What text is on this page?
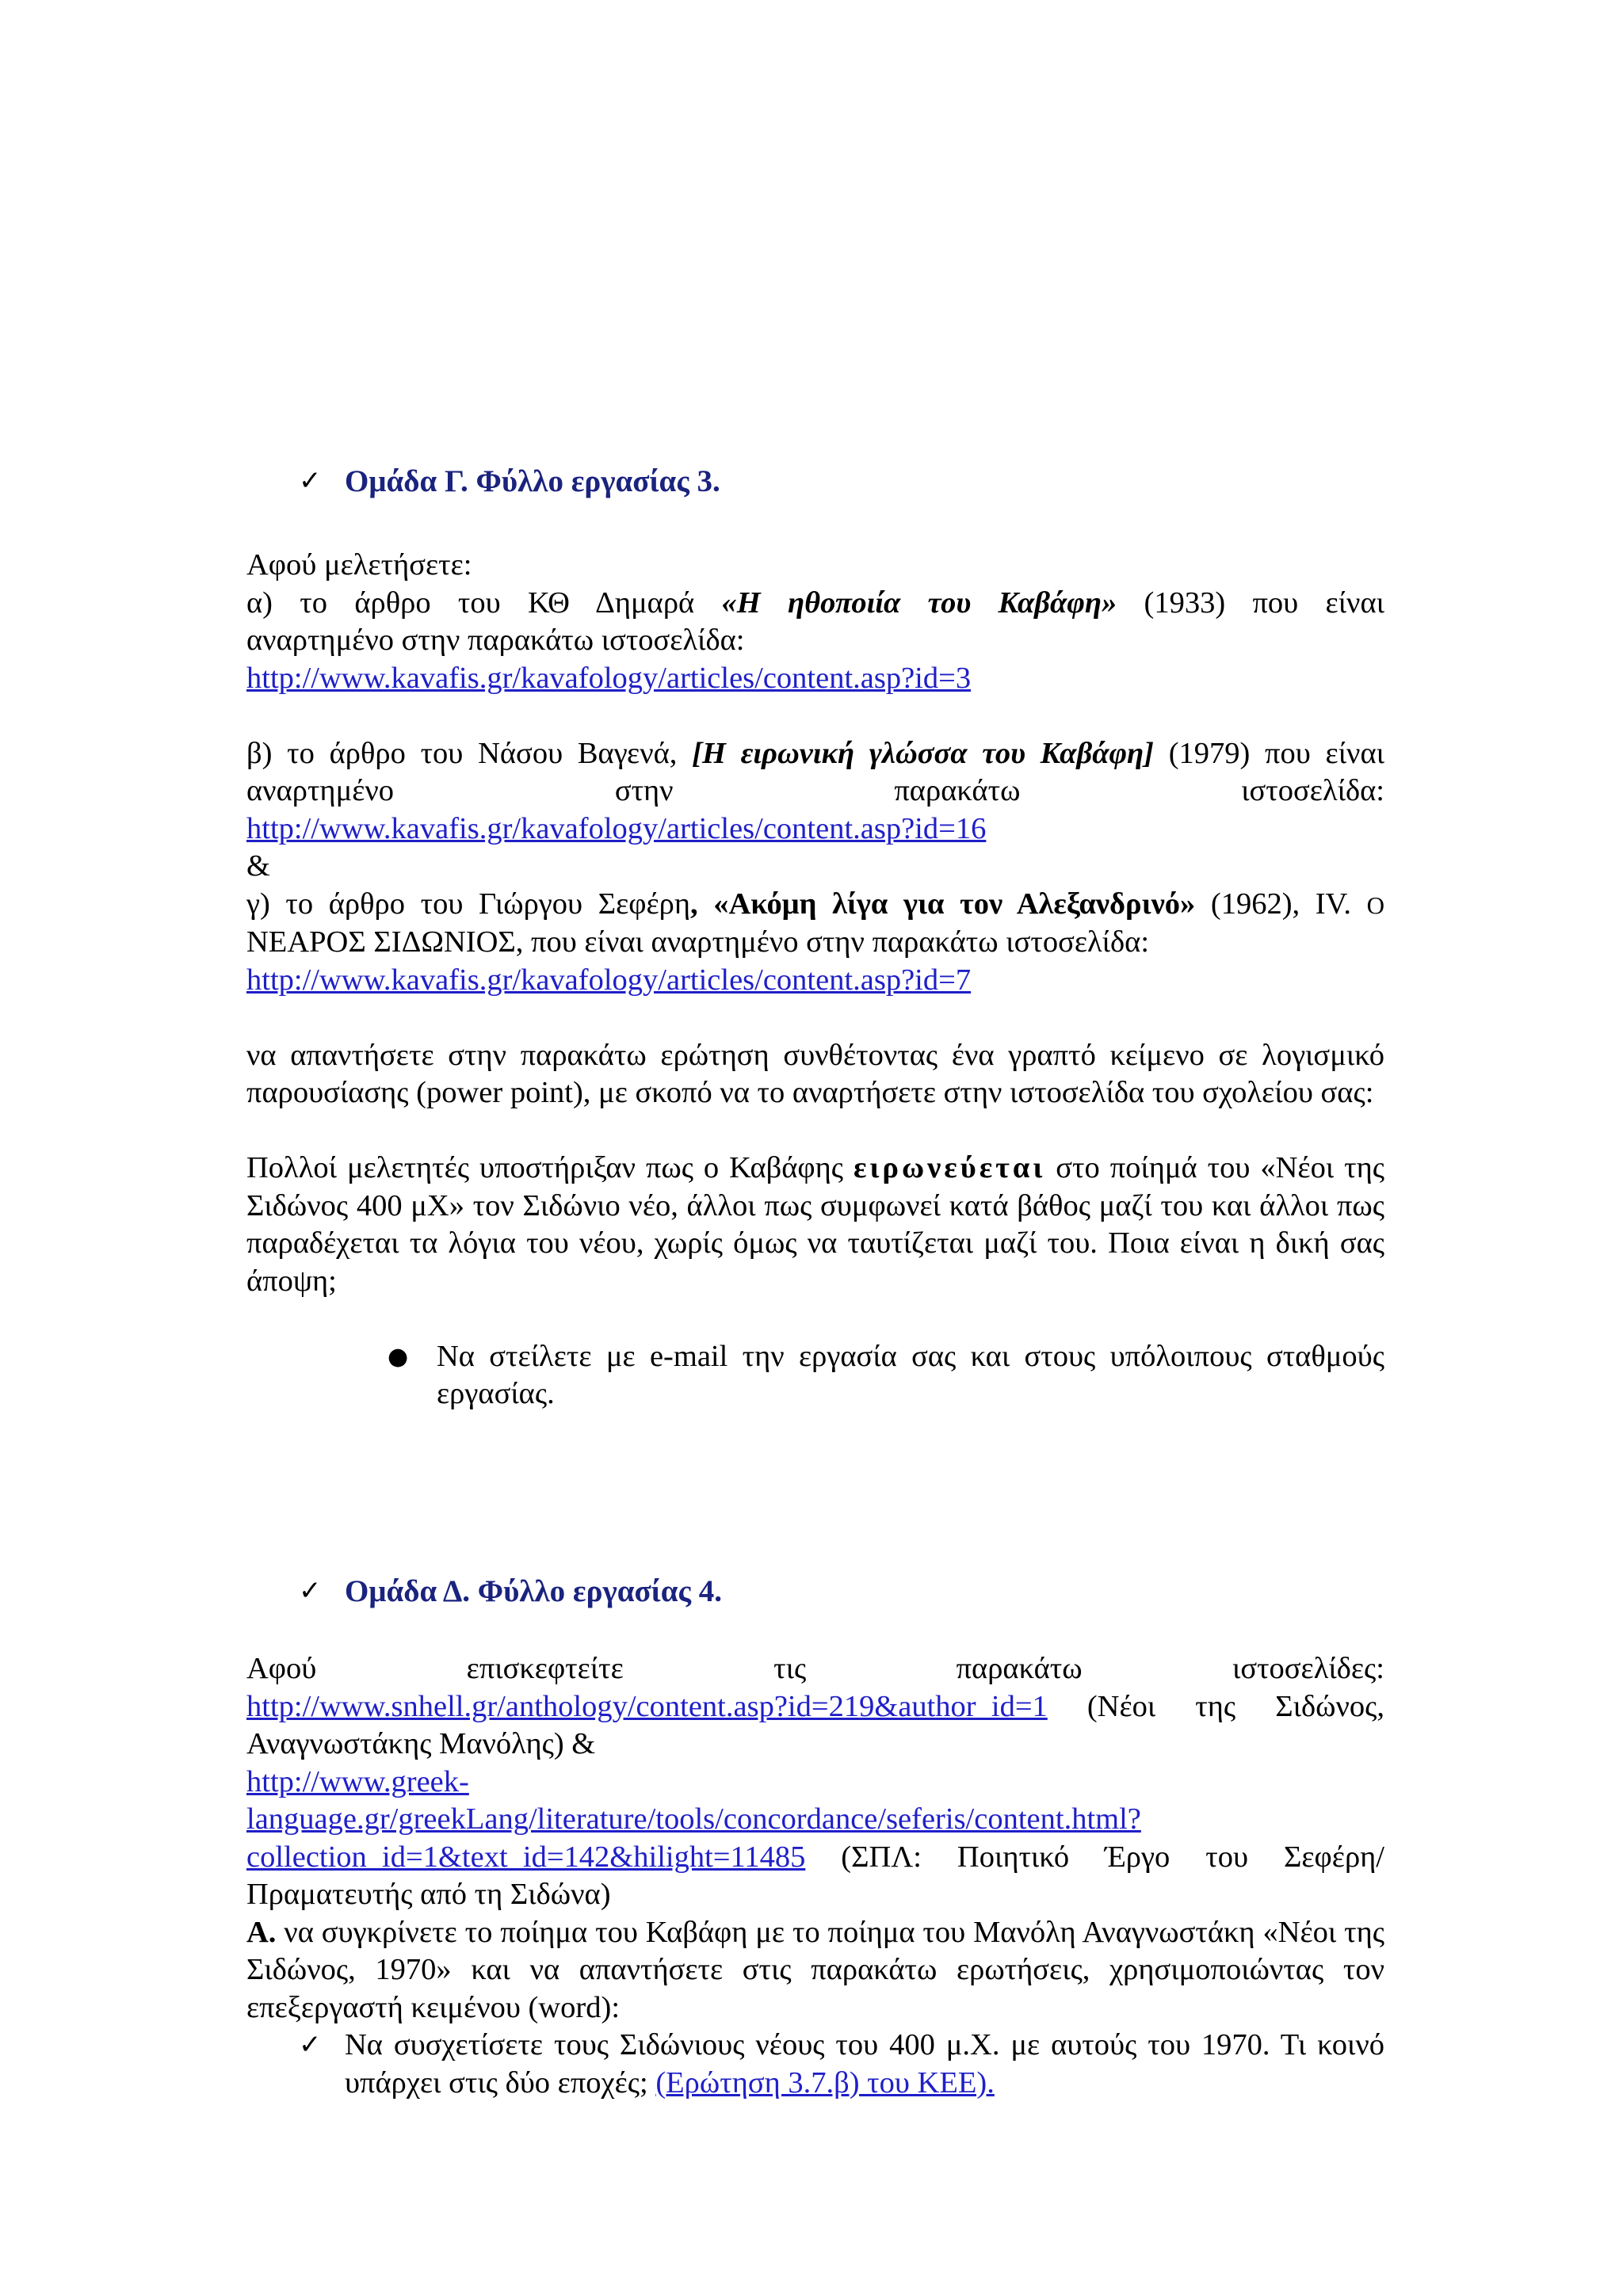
✓ Ομάδα Γ. Φύλλο εργασίας 3.

Αφού μελετήσετε:

α) το άρθρο του ΚΘ Δημαρά «Η ηθοποιία του Καβάφη» (1933) που είναι

αναρτημένο στην παρακάτω ιστοσελίδα:

http://www.kavafis.gr/kavafology/articles/content.asp?id=3

β) το άρθρο του Νάσου Βαγενά, [Η ειρωνική γλώσσα του Καβάφη] (1979) που είναι

αναρτημένο στην παρακάτω ιστοσελίδα:

http://www.kavafis.gr/kavafology/articles/content.asp?id=16

&

γ) το άρθρο του Γιώργου Σεφέρη, «Ακόμη λίγα για τον Αλεξανδρινό» (1962), IV. Ο

ΝΕΑΡΟΣ ΣΙΔΩΝΙΟΣ, που είναι αναρτημένο στην παρακάτω ιστοσελίδα:

http://www.kavafis.gr/kavafology/articles/content.asp?id=7

να απαντήσετε στην παρακάτω ερώτηση συνθέτοντας ένα γραπτό κείμενο σε λογισμικό παρουσίασης (power point), με σκοπό να το αναρτήσετε στην ιστοσελίδα του σχολείου σας:

Πολλοί μελετητές υποστήριξαν πως ο Καβάφης ειρωνεύεται στο ποίημά του «Νέοι της Σιδώνος 400 μΧ» τον Σιδώνιο νέο, άλλοι πως συμφωνεί κατά βάθος μαζί του και άλλοι πως παραδέχεται τα λόγια του νέου, χωρίς όμως να ταυτίζεται μαζί του. Ποια είναι η δική σας άποψη;

● Να στείλετε με e-mail την εργασία σας και στους υπόλοιπους σταθμούς εργασίας.

✓ Ομάδα Δ. Φύλλο εργασίας 4.

Αφού επισκεφτείτε τις παρακάτω ιστοσελίδες:

http://www.snhell.gr/anthology/content.asp?id=219&author_id=1 (Νέοι της Σιδώνος, Αναγνωστάκης Μανόλης) &

http://www.greek-

language.gr/greekLang/literature/tools/concordance/seferis/content.html?

collection_id=1&text_id=142&hilight=11485 (ΣΠΛ: Ποιητικό Έργο του Σεφέρη/Πραματευτής από τη Σιδώνα)

Α. να συγκρίνετε το ποίημα του Καβάφη με το ποίημα του Μανόλη Αναγνωστάκη «Νέοι της Σιδώνος, 1970» και να απαντήσετε στις παρακάτω ερωτήσεις, χρησιμοποιώντας τον επεξεργαστή κειμένου (word):

✓ Να συσχετίσετε τους Σιδώνιους νέους του 400 μ.Χ. με αυτούς του 1970. Τι κοινό υπάρχει στις δύο εποχές; (Ερώτηση 3.7.β) του ΚΕΕ).
